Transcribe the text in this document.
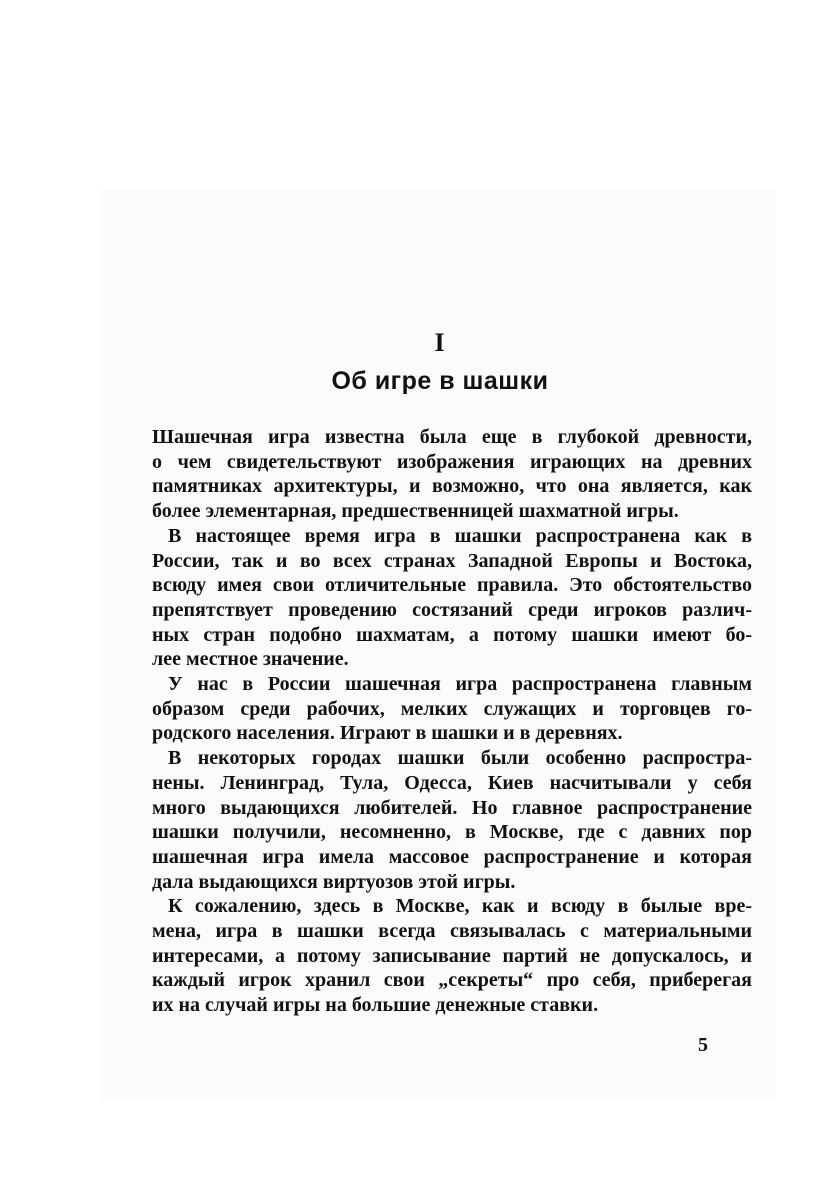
I
Об игре в шашки
Шашечная игра известна была еще в глубокой древности,
о чем свидетельствуют изображения играющих на древних
памятниках архитектуры, и возможно, что она является, как
более элементарная, предшественницей шахматной игры.
В настоящее время игра в шашки распространена как в
России, так и во всех странах Западной Европы и Востока,
всюду имея свои отличительные правила. Это обстоятельство
препятствует проведению состязаний среди игроков различ-
ных стран подобно шахматам, а потому шашки имеют бо-
лее местное значение.
У нас в России шашечная игра распространена главным
образом среди рабочих, мелких служащих и торговцев го-
родского населения. Играют в шашки и в деревнях.
В некоторых городах шашки были особенно распростра-
нены. Ленинград, Тула, Одесса, Киев насчитывали у себя
много выдающихся любителей. Но главное распространение
шашки получили, несомненно, в Москве, где с давних пор
шашечная игра имела массовое распространение и которая
дала выдающихся виртуозов этой игры.
К сожалению, здесь в Москве, как и всюду в былые вре-
мена, игра в шашки всегда связывалась с материальными
интересами, а потому записывание партий не допускалось, и
каждый игрок хранил свои „секреты“ про себя, приберегая
их на случай игры на большие денежные ставки.
5
